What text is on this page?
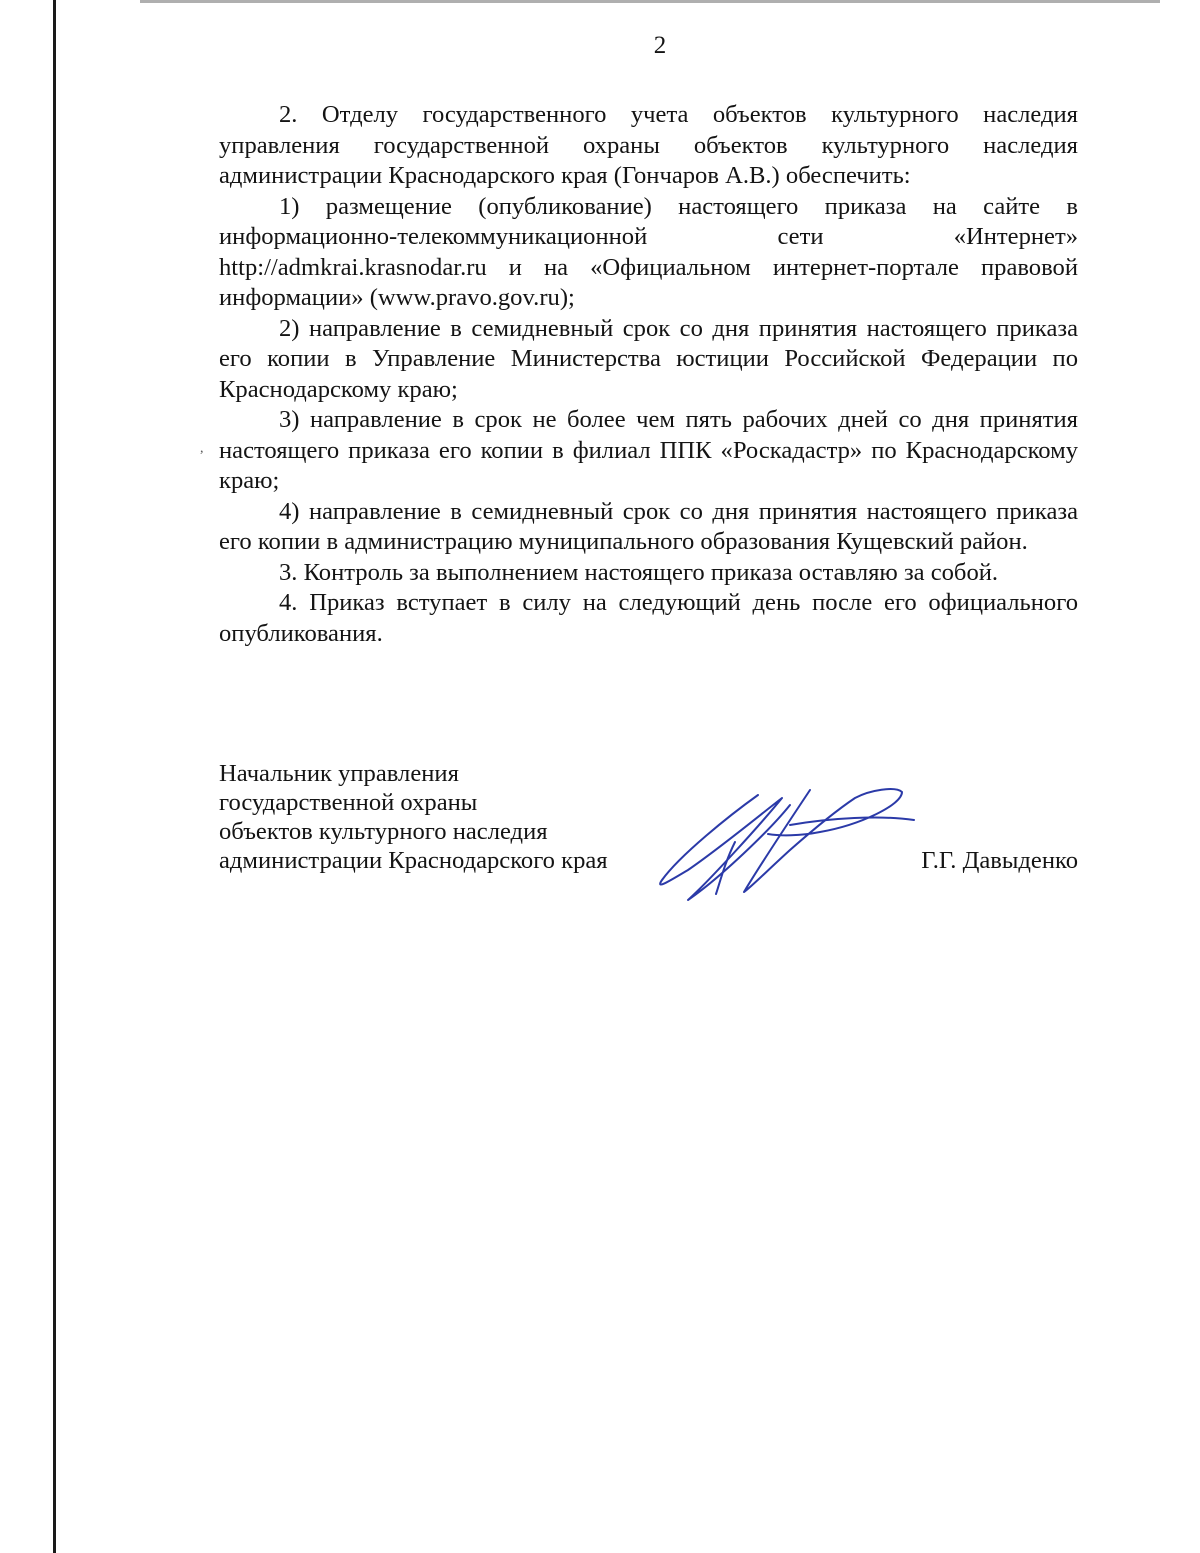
2

2. Отделу государственного учета объектов культурного наследия управления государственной охраны объектов культурного наследия администрации Краснодарского края (Гончаров А.В.) обеспечить:

1) размещение (опубликование) настоящего приказа на сайте в информационно-телекоммуникационной сети «Интернет» http://admkrai.krasnodar.ru и на «Официальном интернет-портале правовой информации» (www.pravo.gov.ru);

2) направление в семидневный срок со дня принятия настоящего приказа его копии в Управление Министерства юстиции Российской Федерации по Краснодарскому краю;

3) направление в срок не более чем пять рабочих дней со дня принятия настоящего приказа его копии в филиал ППК «Роскадастр» по Краснодарскому краю;

4) направление в семидневный срок со дня принятия настоящего приказа его копии в администрацию муниципального образования Кущевский район.

3. Контроль за выполнением настоящего приказа оставляю за собой.

4. Приказ вступает в силу на следующий день после его официального опубликования.

,
Начальник управления
государственной охраны
объектов культурного наследия
администрации Краснодарского края	Г.Г. Давыденко
